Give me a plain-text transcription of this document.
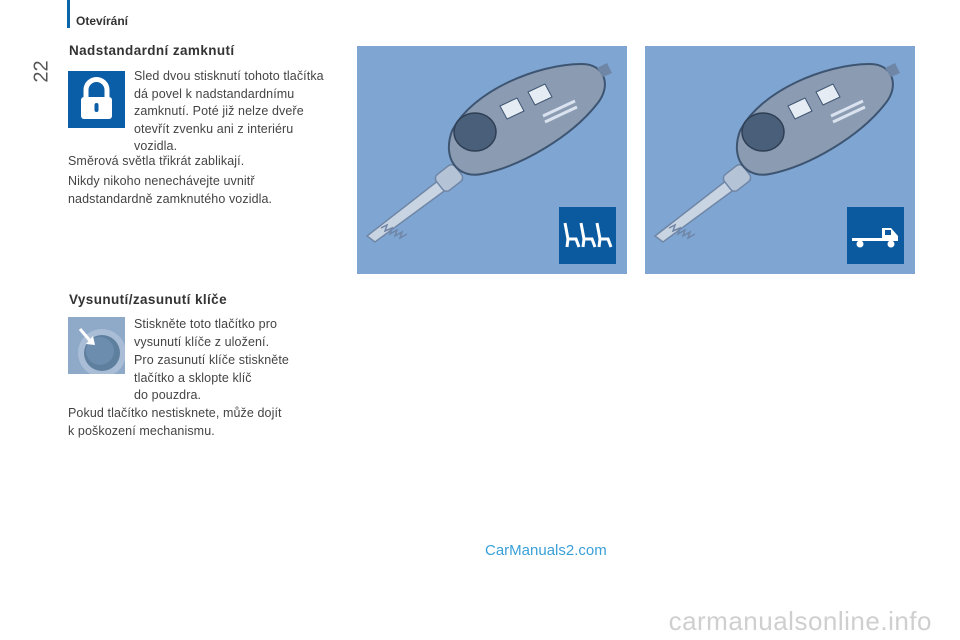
22
Otevírání
Nadstandardní zamknutí
Sled dvou stisknutí tohoto tlačítka
dá povel k nadstandardnímu
zamknutí. Poté již nelze dveře
otevřít zvenku ani z interiéru
vozidla.
Směrová světla třikrát zablikají.
Nikdy nikoho nenechávejte uvnitř
nadstandardně zamknutého vozidla.
Vysunutí/zasunutí klíče
Stiskněte toto tlačítko pro
vysunutí klíče z uložení.
Pro zasunutí klíče stiskněte
tlačítko a sklopte klíč
do pouzdra.
Pokud tlačítko nestisknete, může dojít
k poškození mechanismu.
CarManuals2.com
carmanualsonline.info
